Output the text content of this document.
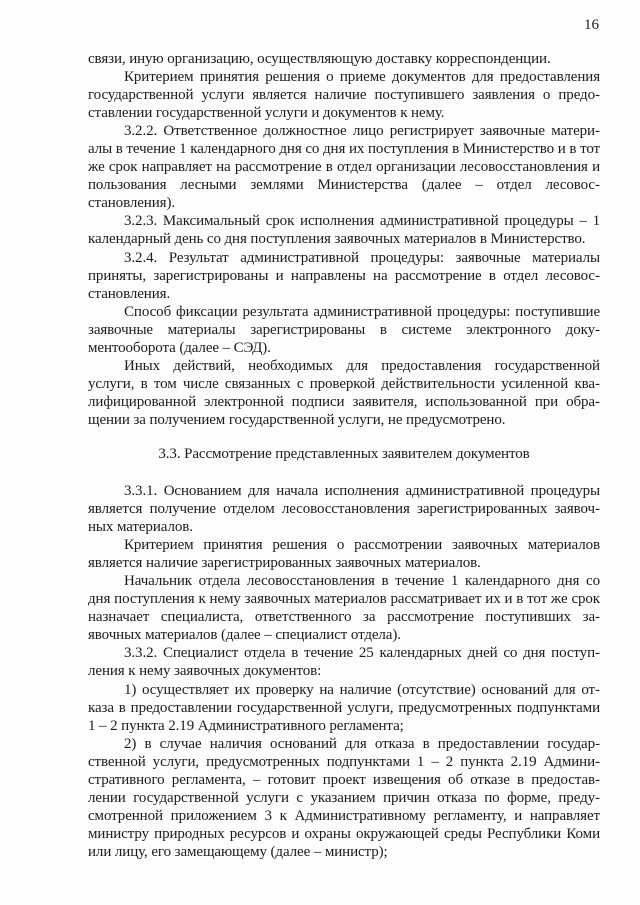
16

связи, иную организацию, осуществляющую доставку корреспонденции.

Критерием принятия решения о приеме документов для предоставления государственной услуги является наличие поступившего заявления о предоставлении государственной услуги и документов к нему.

3.2.2. Ответственное должностное лицо регистрирует заявочные материалы в течение 1 календарного дня со дня их поступления в Министерство и в тот же срок направляет на рассмотрение в отдел организации лесовосстановления и пользования лесными землями Министерства (далее – отдел лесовосстановления).

3.2.3. Максимальный срок исполнения административной процедуры – 1 календарный день со дня поступления заявочных материалов в Министерство.

3.2.4. Результат административной процедуры: заявочные материалы приняты, зарегистрированы и направлены на рассмотрение в отдел лесовосстановления.

Способ фиксации результата административной процедуры: поступившие заявочные материалы зарегистрированы в системе электронного документооборота (далее – СЭД).

Иных действий, необходимых для предоставления государственной услуги, в том числе связанных с проверкой действительности усиленной квалифицированной электронной подписи заявителя, использованной при обращении за получением государственной услуги, не предусмотрено.

3.3. Рассмотрение представленных заявителем документов

3.3.1. Основанием для начала исполнения административной процедуры является получение отделом лесовосстановления зарегистрированных заявочных материалов.

Критерием принятия решения о рассмотрении заявочных материалов является наличие зарегистрированных заявочных материалов.

Начальник отдела лесовосстановления в течение 1 календарного дня со дня поступления к нему заявочных материалов рассматривает их и в тот же срок назначает специалиста, ответственного за рассмотрение поступивших заявочных материалов (далее – специалист отдела).

3.3.2. Специалист отдела в течение 25 календарных дней со дня поступления к нему заявочных документов:

1) осуществляет их проверку на наличие (отсутствие) оснований для отказа в предоставлении государственной услуги, предусмотренных подпунктами 1 – 2 пункта 2.19 Административного регламента;

2) в случае наличия оснований для отказа в предоставлении государственной услуги, предусмотренных подпунктами 1 – 2 пункта 2.19 Административного регламента, – готовит проект извещения об отказе в предоставлении государственной услуги с указанием причин отказа по форме, предусмотренной приложением 3 к Административному регламенту, и направляет министру природных ресурсов и охраны окружающей среды Республики Коми или лицу, его замещающему (далее – министр);
